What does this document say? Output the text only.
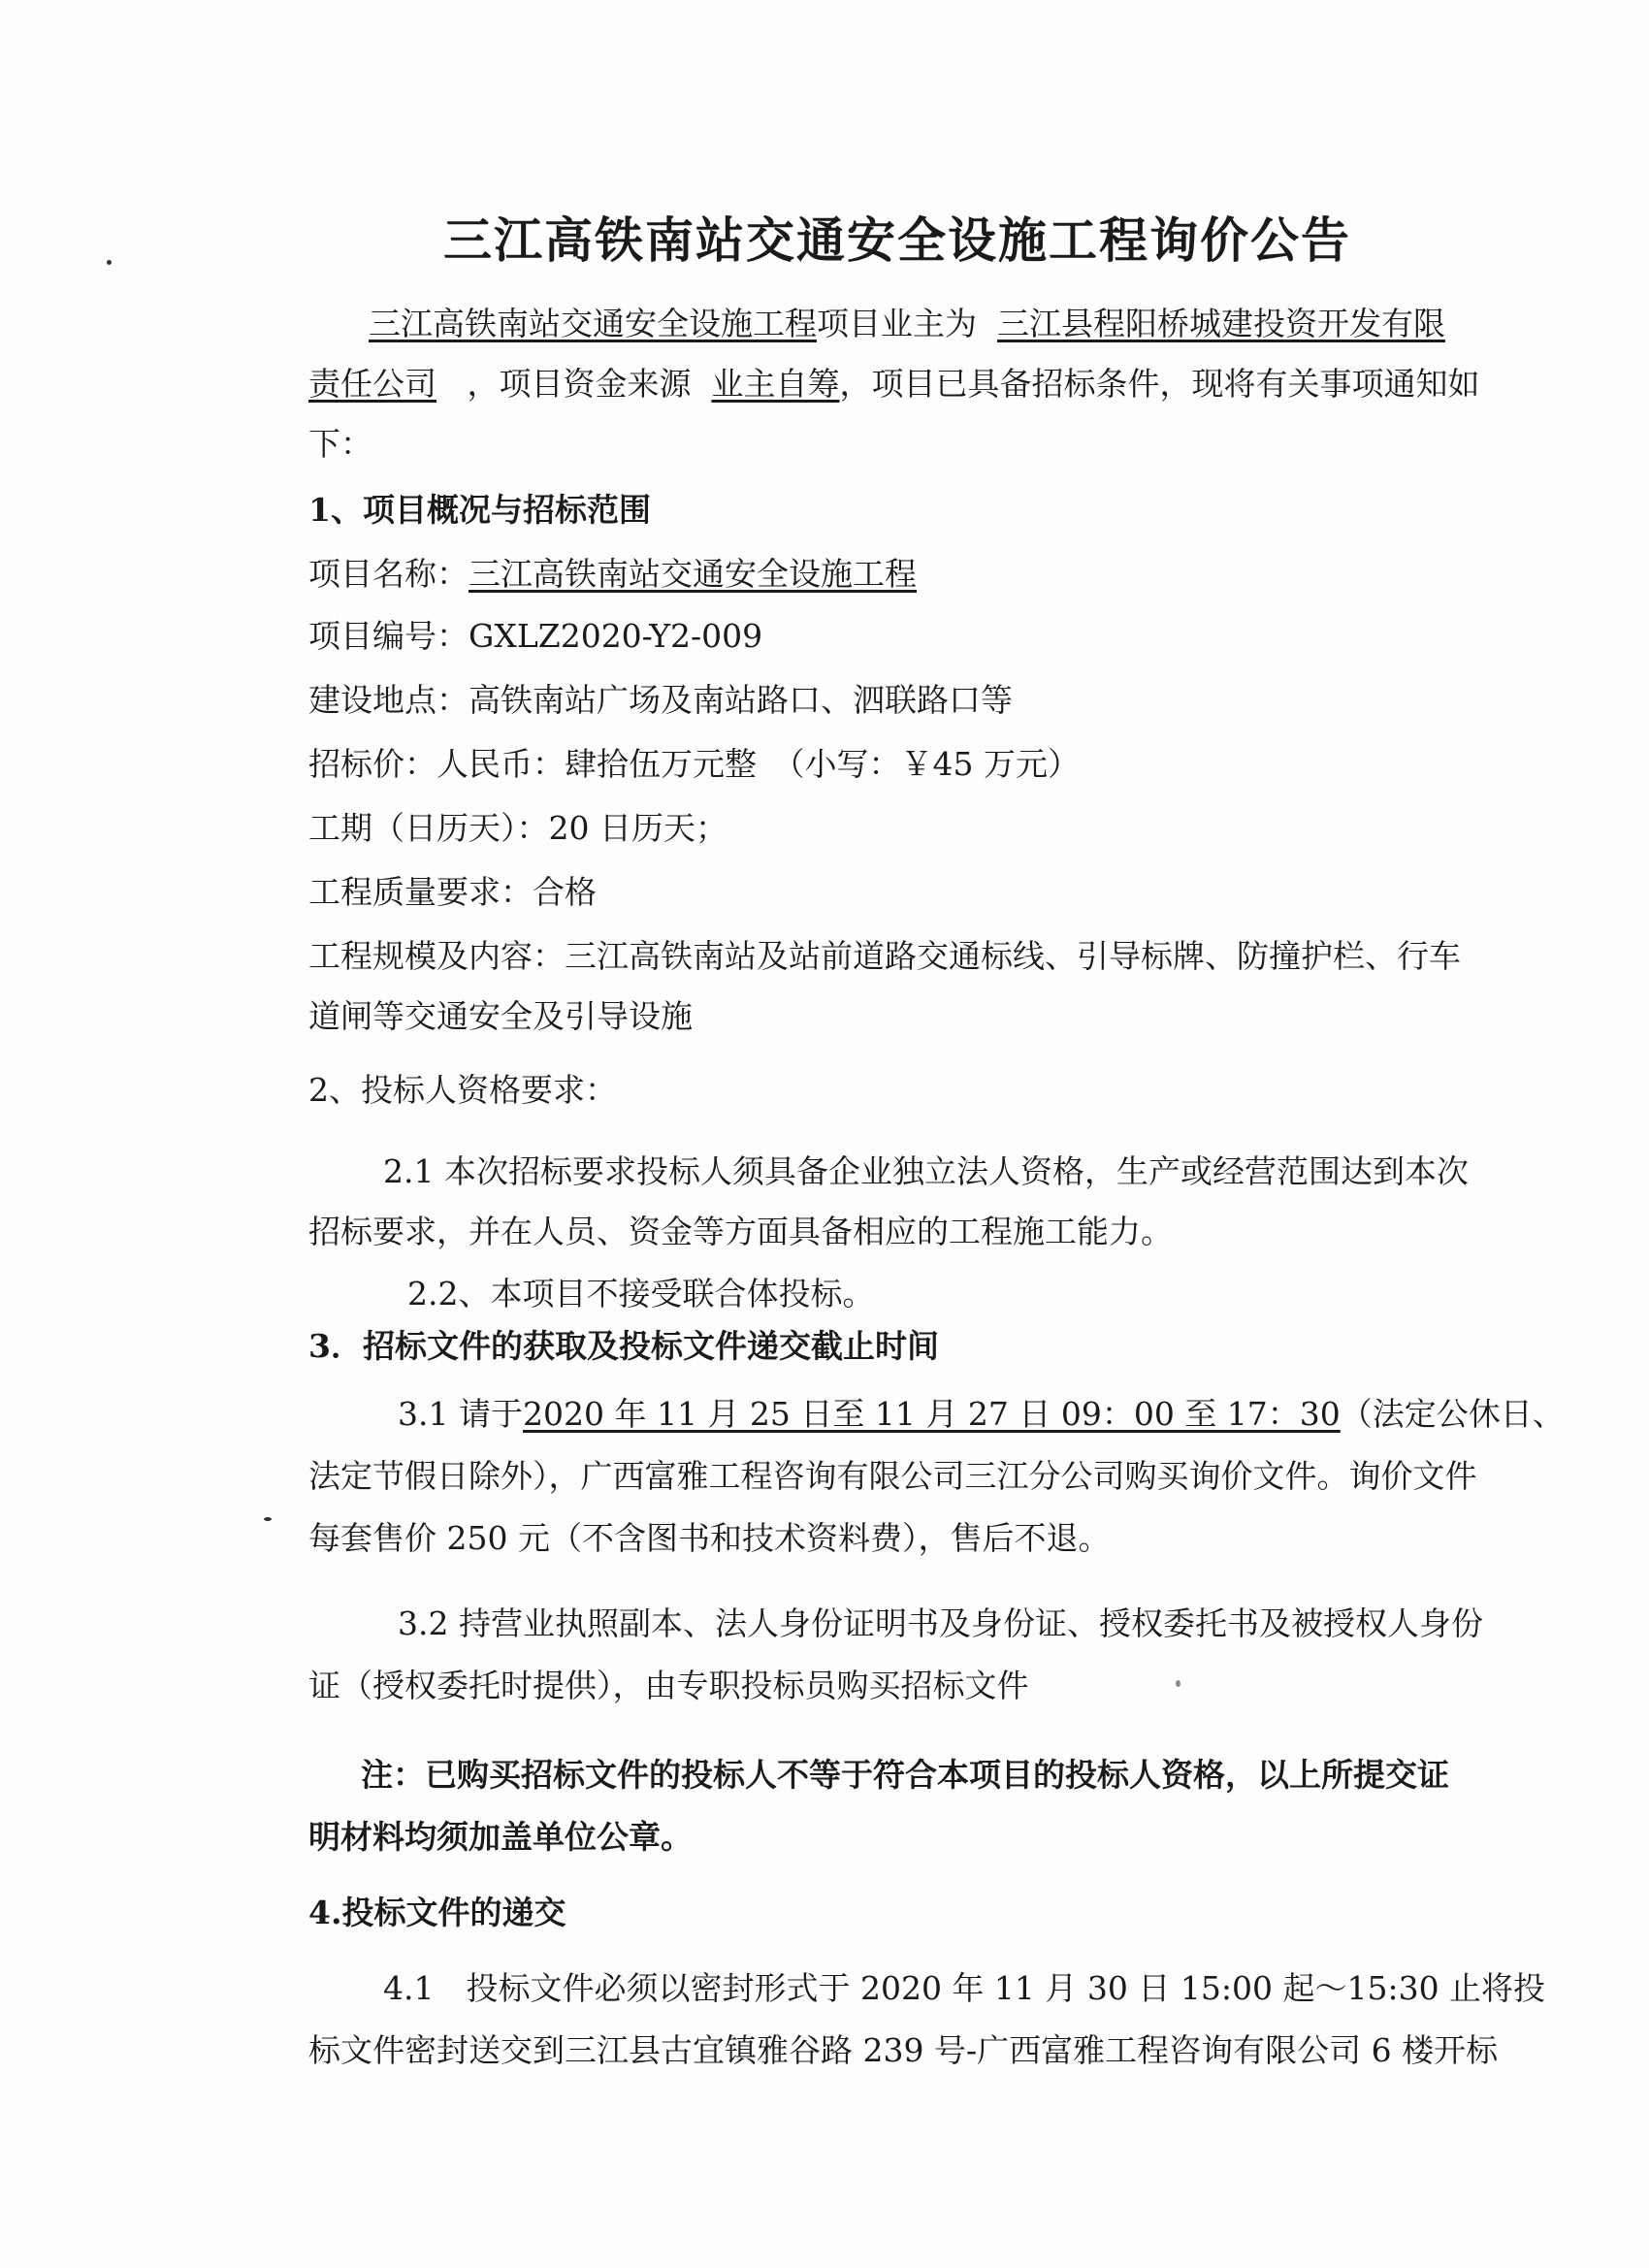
三江高铁南站交通安全设施工程询价公告
三江高铁南站交通安全设施工程项目业主为 三江县程阳桥城建投资开发有限
责任公司 ，项目资金来源 业主自筹，项目已具备招标条件，现将有关事项通知如
下：
1、项目概况与招标范围
项目名称：三江高铁南站交通安全设施工程
项目编号：GXLZ2020-Y2-009
建设地点：高铁南站广场及南站路口、泗联路口等
招标价：人民币：肆拾伍万元整　（小写：￥45 万元）
工期（日历天）：20 日历天；
工程质量要求：合格
工程规模及内容：三江高铁南站及站前道路交通标线、引导标牌、防撞护栏、行车
道闸等交通安全及引导设施
2、投标人资格要求：
2.1 本次招标要求投标人须具备企业独立法人资格，生产或经营范围达到本次
招标要求，并在人员、资金等方面具备相应的工程施工能力。
2.2、本项目不接受联合体投标。
3．招标文件的获取及投标文件递交截止时间
3.1 请于2020 年 11 月 25 日至 11 月 27 日 09：00 至 17：30（法定公休日、
法定节假日除外），广西富雅工程咨询有限公司三江分公司购买询价文件。询价文件
每套售价 250 元（不含图书和技术资料费），售后不退。
3.2 持营业执照副本、法人身份证明书及身份证、授权委托书及被授权人身份
证（授权委托时提供），由专职投标员购买招标文件
注：已购买招标文件的投标人不等于符合本项目的投标人资格，以上所提交证
明材料均须加盖单位公章。
4.投标文件的递交
4.1　投标文件必须以密封形式于 2020 年 11 月 30 日 15:00 起～15:30 止将投
标文件密封送交到三江县古宜镇雅谷路 239 号-广西富雅工程咨询有限公司 6 楼开标
